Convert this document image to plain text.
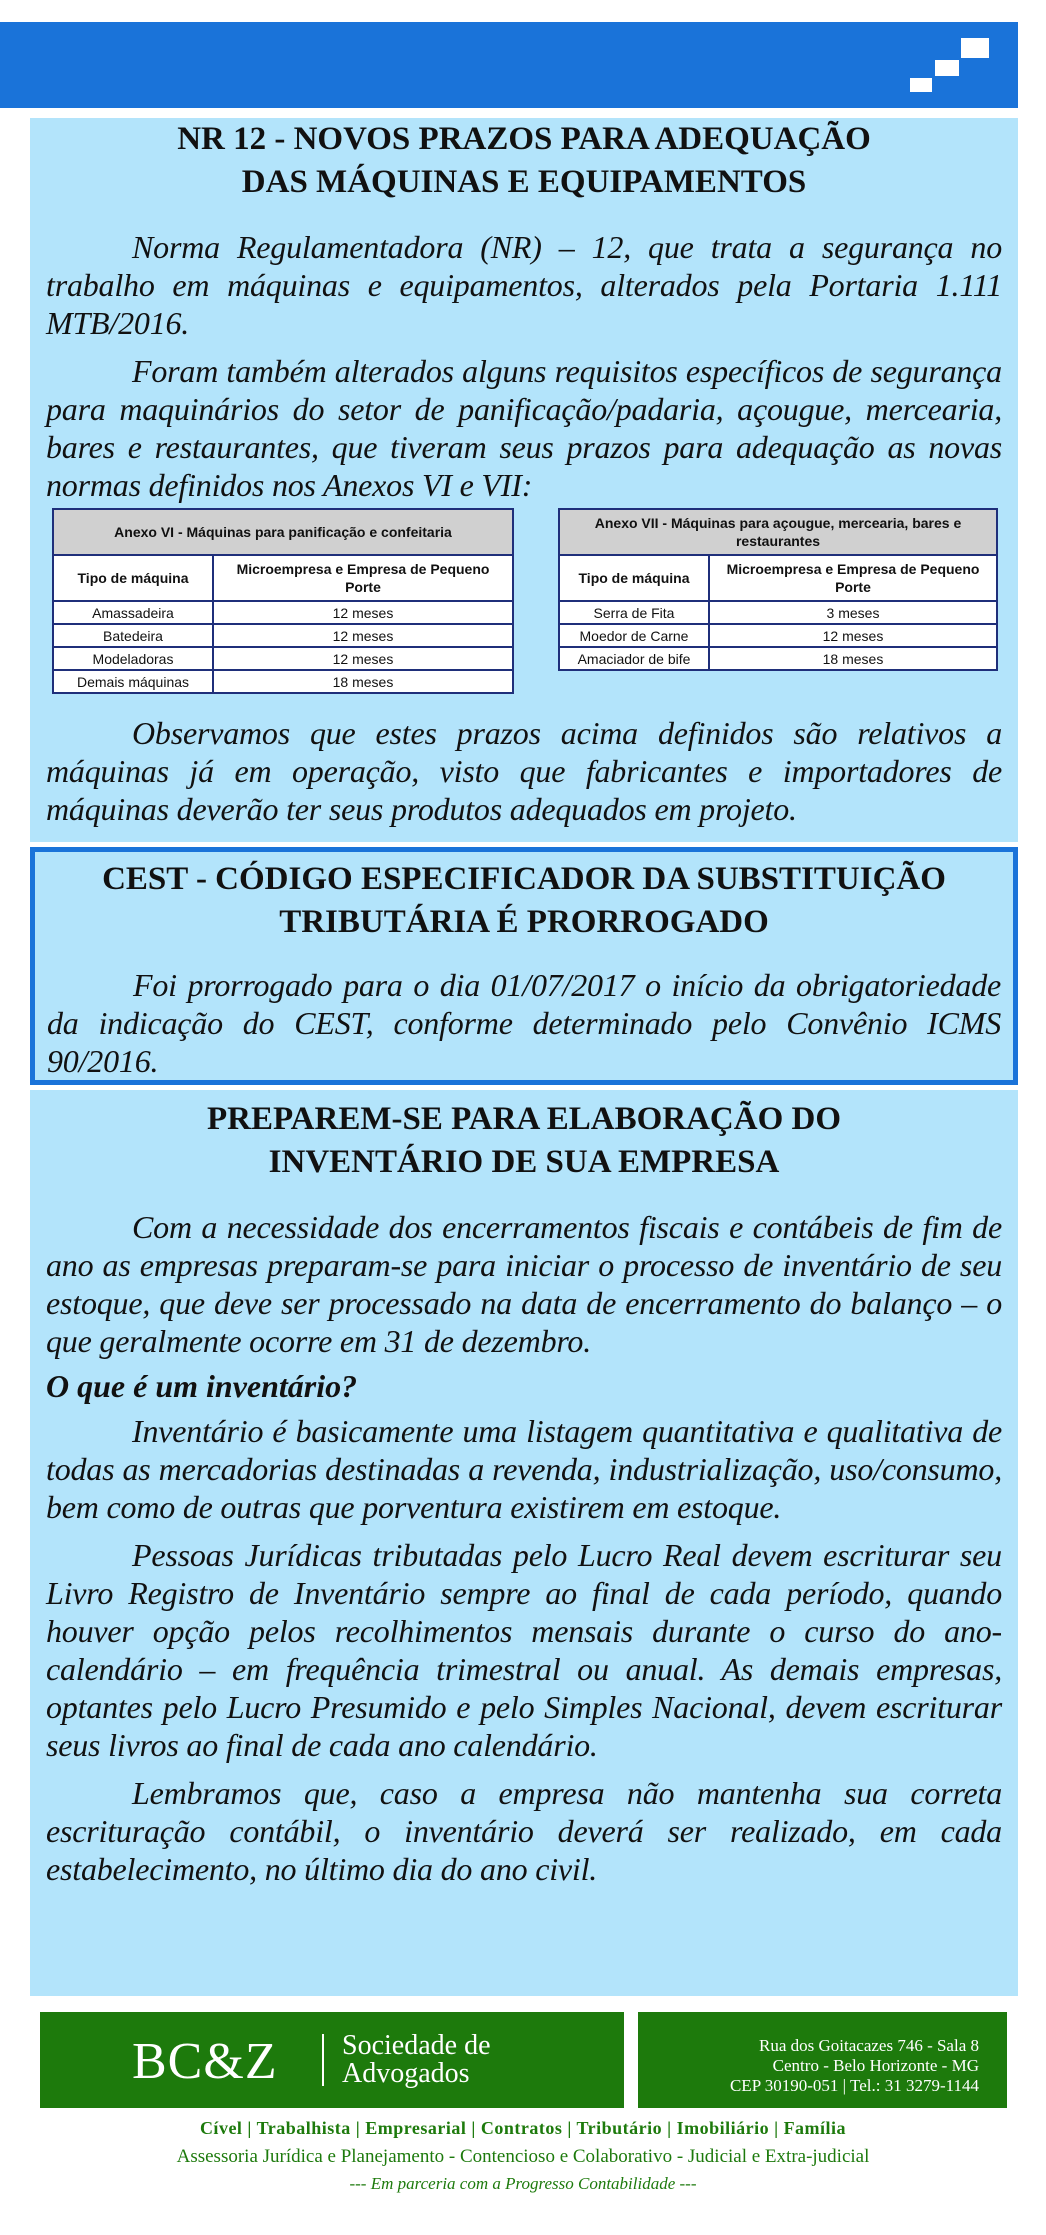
NR 12 - NOVOS PRAZOS PARA ADEQUAÇÃO
DAS MÁQUINAS E EQUIPAMENTOS

Norma Regulamentadora (NR) – 12, que trata a segurança no trabalho em máquinas e equipamentos, alterados pela Portaria 1.111 MTB/2016.

Foram também alterados alguns requisitos específicos de segurança para maquinários do setor de panificação/padaria, açougue, mercearia, bares e restaurantes, que tiveram seus prazos para adequação as novas normas definidos nos Anexos VI e VII:

Anexo VI - Máquinas para panificação e confeitaria	
Tipo de máquina	Microempresa e Empresa de Pequeno Porte
Amassadeira	12 meses
Batedeira	12 meses
Modeladoras	12 meses
Demais máquinas	18 meses
Anexo VII - Máquinas para açougue, mercearia, bares e restaurantes	
Tipo de máquina	Microempresa e Empresa de Pequeno Porte
Serra de Fita	3 meses
Moedor de Carne	12 meses
Amaciador de bife	18 meses

Observamos que estes prazos acima definidos são relativos a máquinas já em operação, visto que fabricantes e importadores de máquinas deverão ter seus produtos adequados em projeto.

CEST - CÓDIGO ESPECIFICADOR DA SUBSTITUIÇÃO
TRIBUTÁRIA É PRORROGADO

Foi prorrogado para o dia 01/07/2017 o início da obrigatoriedade da indicação do CEST, conforme determinado pelo Convênio ICMS 90/2016.

PREPAREM-SE PARA ELABORAÇÃO DO
INVENTÁRIO DE SUA EMPRESA

Com a necessidade dos encerramentos fiscais e contábeis de fim de ano as empresas preparam-se para iniciar o processo de inventário de seu estoque, que deve ser processado na data de encerramento do balanço – o que geralmente ocorre em 31 de dezembro.

O que é um inventário?

Inventário é basicamente uma listagem quantitativa e qualitativa de todas as mercadorias destinadas a revenda, industrialização, uso/consumo, bem como de outras que porventura existirem em estoque.

Pessoas Jurídicas tributadas pelo Lucro Real devem escriturar seu Livro Registro de Inventário sempre ao final de cada período, quando houver opção pelos recolhimentos mensais durante o curso do ano-calendário – em frequência trimestral ou anual. As demais empresas, optantes pelo Lucro Presumido e pelo Simples Nacional, devem escriturar seus livros ao final de cada ano calendário.

Lembramos que, caso a empresa não mantenha sua correta escrituração contábil, o inventário deverá ser realizado, em cada estabelecimento, no último dia do ano civil.

BC&Z Sociedade de
Advogados
Rua dos Goitacazes 746 - Sala 8
Centro - Belo Horizonte - MG
CEP 30190-051 | Tel.: 31 3279-1144
Cível | Trabalhista | Empresarial | Contratos | Tributário | Imobiliário | Família
Assessoria Jurídica e Planejamento - Contencioso e Colaborativo - Judicial e Extra-judicial
--- Em parceria com a Progresso Contabilidade ---
